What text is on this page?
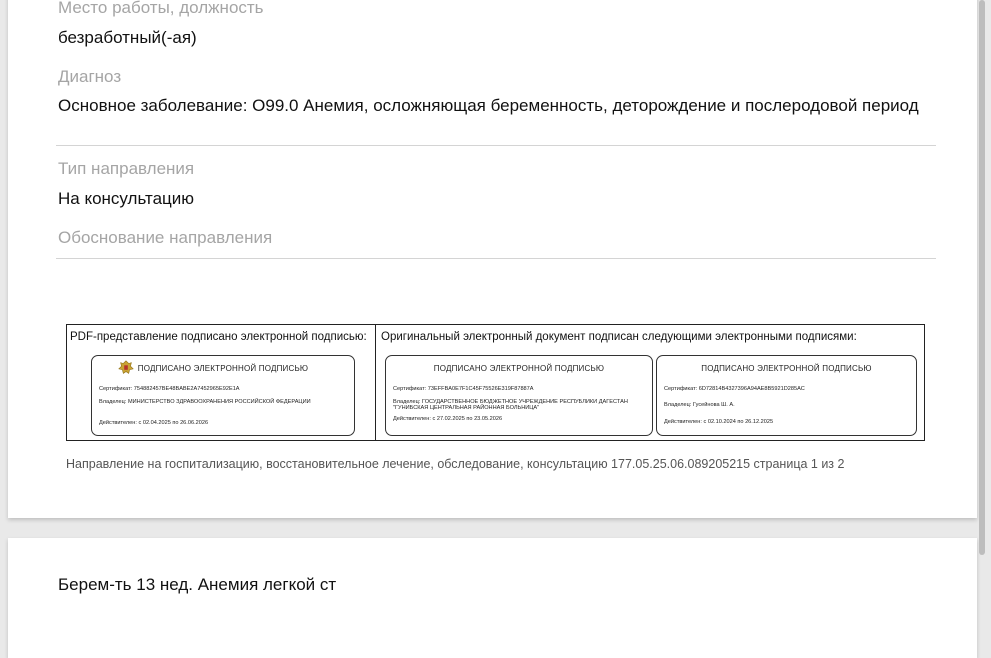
Место работы, должность
безработный(-ая)
Диагноз
Основное заболевание: О99.0 Анемия, осложняющая беременность, деторождение и послеродовой период
Тип направления
На консультацию
Обоснование направления
PDF-представление подписано электронной подписью: Оригинальный электронный документ подписан следующими электронными подписями:
ПОДПИСАНО ЭЛЕКТРОННОЙ ПОДПИСЬЮ
Сертификат: 754882457BE48BABE2A7452965E92E1A
Владелец: МИНИСТЕРСТВО ЗДРАВООХРАНЕНИЯ РОССИЙСКОЙ ФЕДЕРАЦИИ
Действителен: с 02.04.2025 по 26.06.2026
ПОДПИСАНО ЭЛЕКТРОННОЙ ПОДПИСЬЮ
Сертификат: 73EFFBA0E7F1C45F75526E319F87887A
Владелец: ГОСУДАРСТВЕННОЕ БЮДЖЕТНОЕ УЧРЕЖДЕНИЕ РЕСПУБЛИКИ ДАГЕСТАН "ГУНИБСКАЯ ЦЕНТРАЛЬНАЯ РАЙОННАЯ БОЛЬНИЦА"
Действителен: с 27.02.2025 по 23.05.2026
ПОДПИСАНО ЭЛЕКТРОННОЙ ПОДПИСЬЮ
Сертификат: 6D72814B4327396A94AE8B5921D285AC
Владелец: Гусейнова Ш. А.
Действителен: с 02.10.2024 по 26.12.2025
Направление на госпитализацию, восстановительное лечение, обследование, консультацию 177.05.25.06.089205215 страница 1 из 2
Берем-ть 13 нед. Анемия легкой ст
